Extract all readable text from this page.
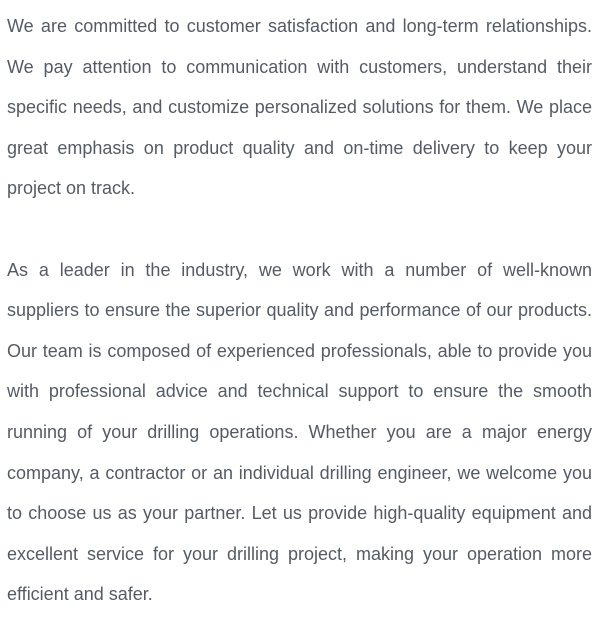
We are committed to customer satisfaction and long-term relationships. We pay attention to communication with customers, understand their specific needs, and customize personalized solutions for them. We place great emphasis on product quality and on-time delivery to keep your project on track.

As a leader in the industry, we work with a number of well-known suppliers to ensure the superior quality and performance of our products. Our team is composed of experienced professionals, able to provide you with professional advice and technical support to ensure the smooth running of your drilling operations. Whether you are a major energy company, a contractor or an individual drilling engineer, we welcome you to choose us as your partner. Let us provide high-quality equipment and excellent service for your drilling project, making your operation more efficient and safer.
